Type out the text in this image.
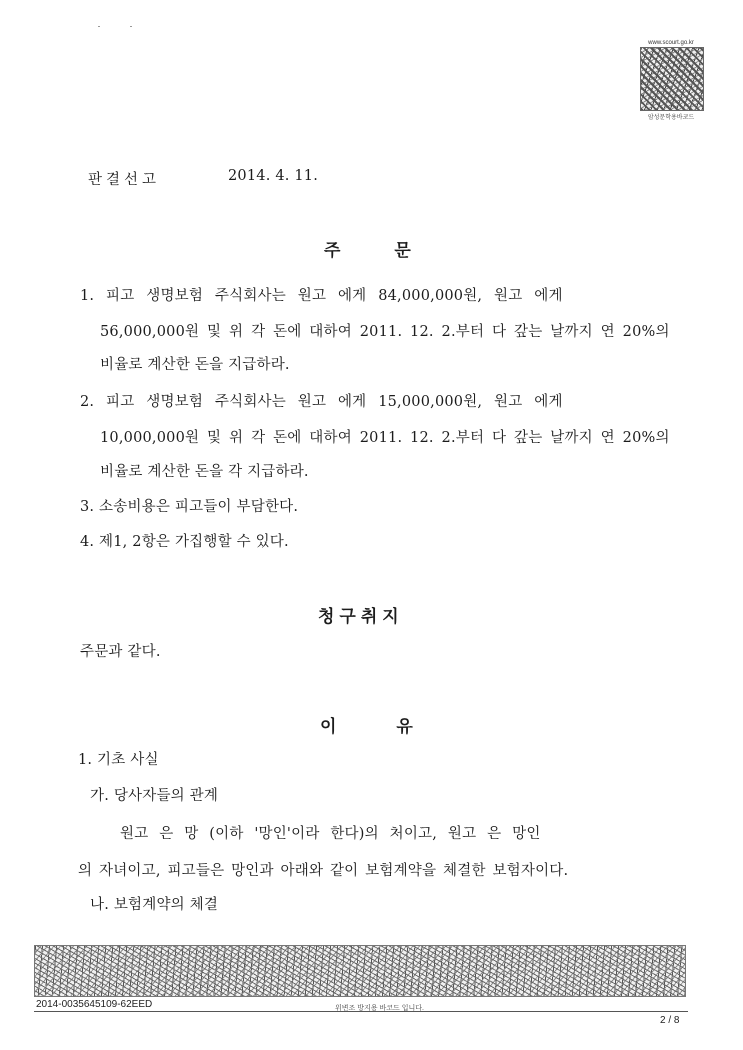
www.scourt.go.kr
암성문학용바코드
판결선고	2014. 4. 11.
주 문
1. 피고 생명보험 주식회사는 원고 에게 84,000,000원, 원고 에게
56,000,000원 및 위 각 돈에 대하여 2011. 12. 2.부터 다 갚는 날까지 연 20%의
비율로 계산한 돈을 지급하라.
2. 피고 생명보험 주식회사는 원고 에게 15,000,000원, 원고 에게
10,000,000원 및 위 각 돈에 대하여 2011. 12. 2.부터 다 갚는 날까지 연 20%의
비율로 계산한 돈을 각 지급하라.
3. 소송비용은 피고들이 부담한다.
4. 제1, 2항은 가집행할 수 있다.
청구취지
주문과 같다.
이 유
1. 기초 사실
가. 당사자들의 관계
원고 은 망 (이하 '망인'이라 한다)의 처이고, 원고 은 망인
의 자녀이고, 피고들은 망인과 아래와 같이 보험계약을 체결한 보험자이다.
나. 보험계약의 체결
2014-0035645109-62EED	위변조 방지용 바코드 입니다.
2 / 8
